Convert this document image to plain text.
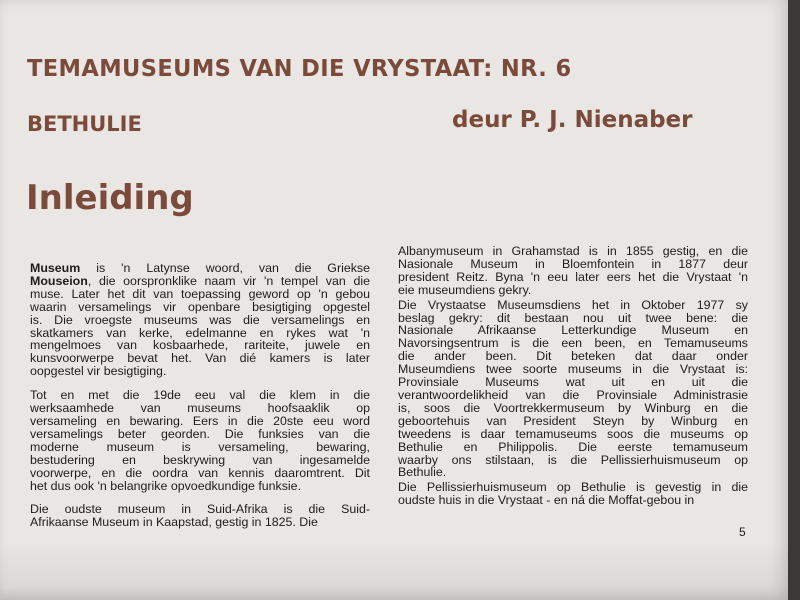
TEMAMUSEUMS VAN DIE VRYSTAAT: NR. 6
BETHULIE	deur P. J. Nienaber
Inleiding
Museum is 'n Latynse woord, van die Griekse
Mouseion, die oorspronklike naam vir 'n tempel van die
muse. Later het dit van toepassing geword op 'n gebou
waarin versamelings vir openbare besigtiging opgestel
is. Die vroegste museums was die versamelings en
skatkamers van kerke, edelmanne en rykes wat 'n
mengelmoes van kosbaarhede, rariteite, juwele en
kunsvoorwerpe bevat het. Van dié kamers is later
oopgestel vir besigtiging.
Tot en met die 19de eeu val die klem in die
werksaamhede van museums hoofsaaklik op
versameling en bewaring. Eers in die 20ste eeu word
versamelings beter georden. Die funksies van die
moderne museum is versameling, bewaring,
bestudering en beskrywing van ingesamelde
voorwerpe, en die oordra van kennis daaromtrent. Dit
het dus ook 'n belangrike opvoedkundige funksie.
Die oudste museum in Suid-Afrika is die Suid-
Afrikaanse Museum in Kaapstad, gestig in 1825. Die
Albanymuseum in Grahamstad is in 1855 gestig, en die
Nasionale Museum in Bloemfontein in 1877 deur
president Reitz. Byna 'n eeu later eers het die Vrystaat 'n
eie museumdiens gekry.
Die Vrystaatse Museumsdiens het in Oktober 1977 sy
beslag gekry: dit bestaan nou uit twee bene: die
Nasionale Afrikaanse Letterkundige Museum en
Navorsingsentrum is die een been, en Temamuseums
die ander been. Dit beteken dat daar onder
Museumdiens twee soorte museums in die Vrystaat is:
Provinsiale Museums wat uit en uit die
verantwoordelikheid van die Provinsiale Administrasie
is, soos die Voortrekkermuseum by Winburg en die
geboortehuis van President Steyn by Winburg en
tweedens is daar temamuseums soos die museums op
Bethulie en Philippolis. Die eerste temamuseum
waarby ons stilstaan, is die Pellissierhuismuseum op
Bethulie.
Die Pellissierhuismuseum op Bethulie is gevestig in die
oudste huis in die Vrystaat - en ná die Moffat-gebou in
5
